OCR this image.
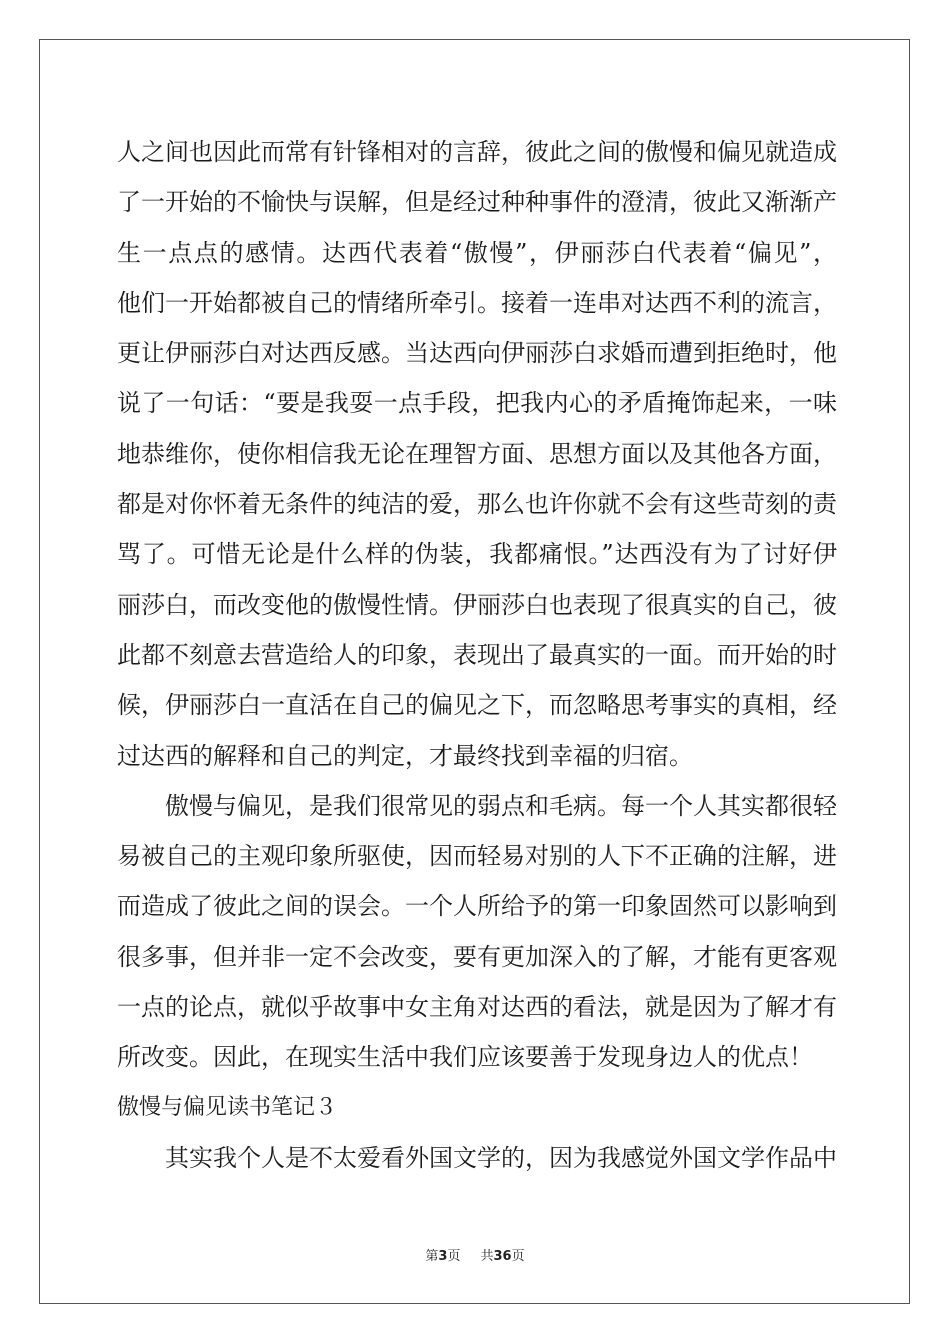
人之间也因此而常有针锋相对的言辞，彼此之间的傲慢和偏见就造成
了一开始的不愉快与误解，但是经过种种事件的澄清，彼此又渐渐产
生一点点的感情。达西代表着“傲慢”，伊丽莎白代表着“偏见”，
他们一开始都被自己的情绪所牵引。接着一连串对达西不利的流言，
更让伊丽莎白对达西反感。当达西向伊丽莎白求婚而遭到拒绝时，他
说了一句话：“要是我耍一点手段，把我内心的矛盾掩饰起来，一味
地恭维你，使你相信我无论在理智方面、思想方面以及其他各方面，
都是对你怀着无条件的纯洁的爱，那么也许你就不会有这些苛刻的责
骂了。可惜无论是什么样的伪装，我都痛恨。”达西没有为了讨好伊
丽莎白，而改变他的傲慢性情。伊丽莎白也表现了很真实的自己，彼
此都不刻意去营造给人的印象，表现出了最真实的一面。而开始的时
候，伊丽莎白一直活在自己的偏见之下，而忽略思考事实的真相，经
过达西的解释和自己的判定，才最终找到幸福的归宿。
傲慢与偏见，是我们很常见的弱点和毛病。每一个人其实都很轻
易被自己的主观印象所驱使，因而轻易对别的人下不正确的注解，进
而造成了彼此之间的误会。一个人所给予的第一印象固然可以影响到
很多事，但并非一定不会改变，要有更加深入的了解，才能有更客观
一点的论点，就似乎故事中女主角对达西的看法，就是因为了解才有
所改变。因此，在现实生活中我们应该要善于发现身边人的优点！
傲慢与偏见读书笔记３
其实我个人是不太爱看外国文学的，因为我感觉外国文学作品中
第3页 共36页
